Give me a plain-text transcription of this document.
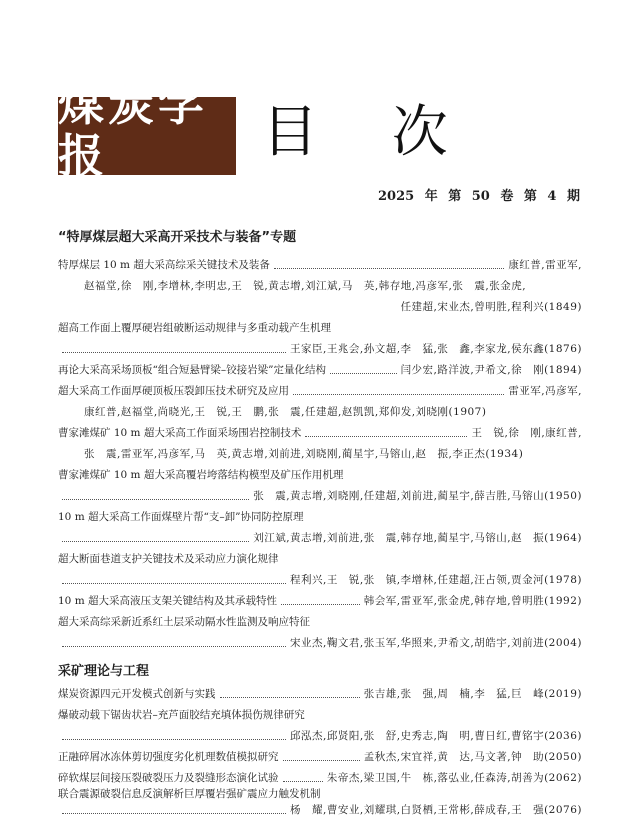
煤炭学报
JOURNAL OF CHINA COAL SOCIETY
目 次
2025 年 第 50 卷 第 4 期
“特厚煤层超大采高开采技术与装备”专题
特厚煤层 10 m 超大采高综采关键技术及装备	康红普,雷亚军,
赵福堂,徐　刚,李增林,李明忠,王　锐,黄志增,刘江斌,马　英,韩存地,冯彦军,张　震,张金虎,
任建超,宋业杰,曾明胜,程利兴(1849)
超高工作面上覆厚硬岩组破断运动规律与多重动载产生机理
王家臣,王兆会,孙文超,李　猛,张　鑫,李家龙,侯东鑫(1876)
再论大采高采场顶板“组合短悬臂梁–铰接岩梁”定量化结构	闫少宏,路洋波,尹希文,徐　刚(1894)
超大采高工作面厚硬顶板压裂卸压技术研究及应用	雷亚军,冯彦军,
康红普,赵福堂,尚晓光,王　锐,王　鹏,张　震,任建超,赵凯凯,郑仰发,刘晓刚(1907)
曹家滩煤矿 10 m 超大采高工作面采场围岩控制技术	王　锐,徐　刚,康红普,
张　震,雷亚军,冯彦军,马　英,黄志增,刘前进,刘晓刚,蔺星宇,马镕山,赵　振,李正杰(1934)
曹家滩煤矿 10 m 超大采高覆岩垮落结构模型及矿压作用机理
张　震,黄志增,刘晓刚,任建超,刘前进,蔺星宇,薛吉胜,马镕山(1950)
10 m 超大采高工作面煤壁片帮“支–卸”协同防控原理
刘江斌,黄志增,刘前进,张　震,韩存地,蔺星宇,马镕山,赵　振(1964)
超大断面巷道支护关键技术及采动应力演化规律
程利兴,王　锐,张　镇,李增林,任建超,汪占领,贾金河(1978)
10 m 超大采高液压支架关键结构及其承载特性	韩会军,雷亚军,张金虎,韩存地,曾明胜(1992)
超大采高综采新近系红土层采动隔水性监测及响应特征
宋业杰,鞠文君,张玉军,华照来,尹希文,胡皓宇,刘前进(2004)
采矿理论与工程
煤炭资源四元开发模式创新与实践	张吉雄,张　强,周　楠,李　猛,巨　峰(2019)
爆破动载下锯齿状岩–充芦面胶结充填体损伤规律研究
邱泓杰,邱贤阳,张　舒,史秀志,陶　明,曹日红,曹铭宇(2036)
正融碎屑冰冻体剪切强度劣化机理数值模拟研究	孟秋杰,宋宜祥,黄　达,马文著,钟　助(2050)
碎软煤层间接压裂破裂压力及裂缝形态演化试验	朱帝杰,梁卫国,牛　栋,落弘业,任森涛,胡善为(2062)
联合震源破裂信息反演解析巨厚覆岩强矿震应力触发机制
杨　耀,曹安业,刘耀琪,白贤栖,王常彬,薛成春,王　强(2076)
